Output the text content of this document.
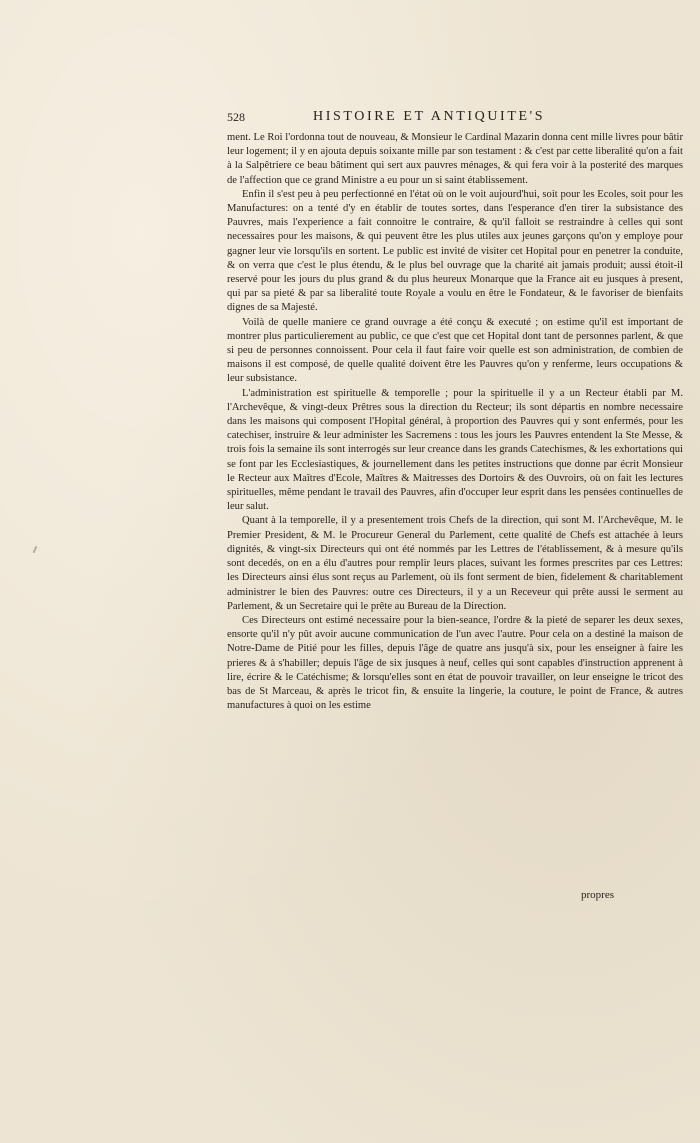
528	HISTOIRE ET ANTIQUITE'S

ment. Le Roi l'ordonna tout de nouveau, & Monsieur le Cardinal Mazarin donna cent mille livres pour bâtir leur logement; il y en ajouta depuis soixante mille par son testament : & c'est par cette liberalité qu'on a fait à la Salpêtriere ce beau bâtiment qui sert aux pauvres ménages, & qui fera voir à la posterité des marques de l'affection que ce grand Ministre a eu pour un si saint établissement.

Enfin il s'est peu à peu perfectionné en l'état où on le voit aujourd'hui, soit pour les Ecoles, soit pour les Manufactures: on a tenté d'y en établir de toutes sortes, dans l'esperance d'en tirer la subsistance des Pauvres, mais l'experience a fait connoitre le contraire, & qu'il falloit se restraindre à celles qui sont necessaires pour les maisons, & qui peuvent être les plus utiles aux jeunes garçons qu'on y employe pour gagner leur vie lorsqu'ils en sortent. Le public est invité de visiter cet Hopital pour en penetrer la conduite, & on verra que c'est le plus étendu, & le plus bel ouvrage que la charité ait jamais produit; aussi étoit-il reservé pour les jours du plus grand & du plus heureux Monarque que la France ait eu jusques à present, qui par sa pieté & par sa liberalité toute Royale a voulu en être le Fondateur, & le favoriser de bienfaits dignes de sa Majesté.

Voilà de quelle maniere ce grand ouvrage a été conçu & executé ; on estime qu'il est important de montrer plus particulierement au public, ce que c'est que cet Hopital dont tant de personnes parlent, & que si peu de personnes connoissent. Pour cela il faut faire voir quelle est son administration, de combien de maisons il est composé, de quelle qualité doivent être les Pauvres qu'on y renferme, leurs occupations & leur subsistance.

L'administration est spirituelle & temporelle ; pour la spirituelle il y a un Recteur établi par M. l'Archevêque, & vingt-deux Prêtres sous la direction du Recteur; ils sont départis en nombre necessaire dans les maisons qui composent l'Hopital général, à proportion des Pauvres qui y sont enfermés, pour les catechiser, instruire & leur administer les Sacremens : tous les jours les Pauvres entendent la Ste Messe, & trois fois la semaine ils sont interrogés sur leur creance dans les grands Catechismes, & les exhortations qui se font par les Ecclesiastiques, & journellement dans les petites instructions que donne par écrit Monsieur le Recteur aux Maîtres d'Ecole, Maîtres & Maitresses des Dortoirs & des Ouvroirs, où on fait les lectures spirituelles, même pendant le travail des Pauvres, afin d'occuper leur esprit dans les pensées continuelles de leur salut.

Quant à la temporelle, il y a presentement trois Chefs de la direction, qui sont M. l'Archevêque, M. le Premier President, & M. le Procureur General du Parlement, cette qualité de Chefs est attachée à leurs dignités, & vingt-six Directeurs qui ont été nommés par les Lettres de l'établissement, & à mesure qu'ils sont decedés, on en a élu d'autres pour remplir leurs places, suivant les formes prescrites par ces Lettres: les Directeurs ainsi élus sont reçus au Parlement, où ils font serment de bien, fidelement & charitablement administrer le bien des Pauvres: outre ces Directeurs, il y a un Receveur qui prête aussi le serment au Parlement, & un Secretaire qui le prête au Bureau de la Direction.

Ces Directeurs ont estimé necessaire pour la bien-seance, l'ordre & la pieté de separer les deux sexes, ensorte qu'il n'y pût avoir aucune communication de l'un avec l'autre. Pour cela on a destiné la maison de Notre-Dame de Pitié pour les filles, depuis l'âge de quatre ans jusqu'à six, pour les enseigner à faire les prieres & à s'habiller; depuis l'âge de six jusques à neuf, celles qui sont capables d'instruction apprenent à lire, écrire & le Catéchisme; & lorsqu'elles sont en état de pouvoir travailler, on leur enseigne le tricot des bas de St Marceau, & après le tricot fin, & ensuite la lingerie, la couture, le point de France, & autres manufactures à quoi on les estime

propres
